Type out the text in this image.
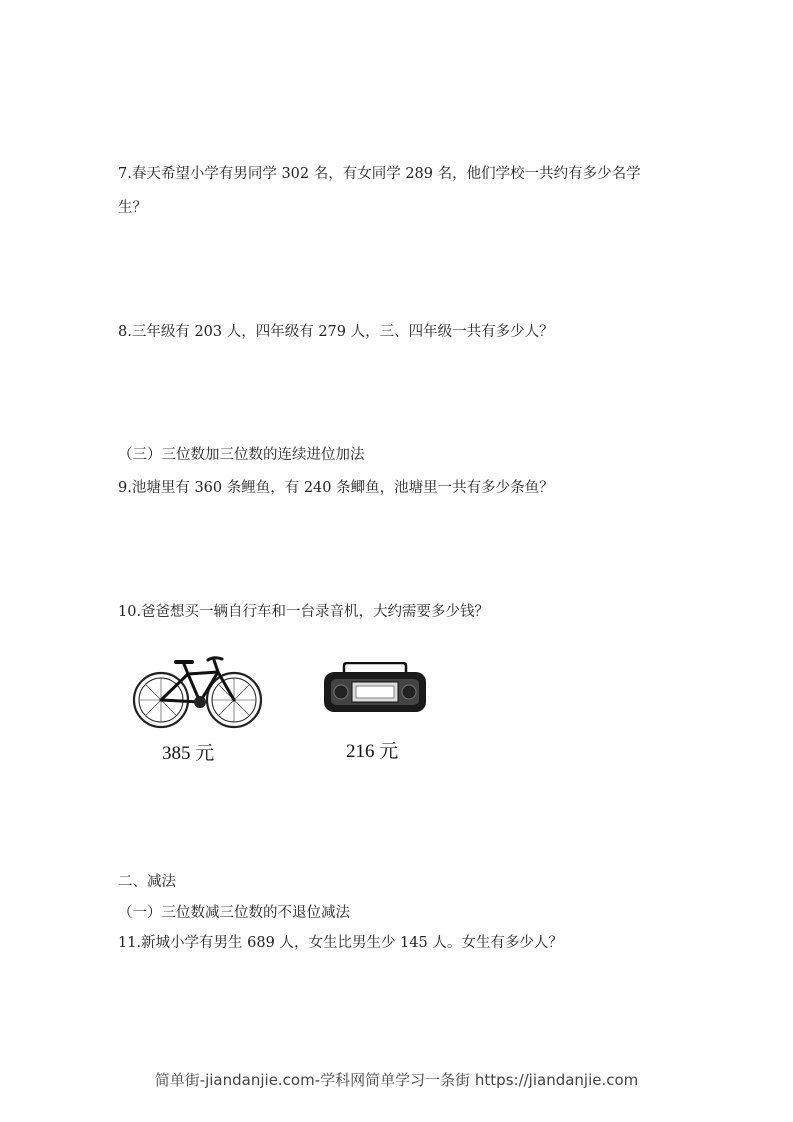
7.春天希望小学有男同学 302 名，有女同学 289 名，他们学校一共约有多少名学
生？
8.三年级有 203 人，四年级有 279 人，三、四年级一共有多少人？
（三）三位数加三位数的连续进位加法
9.池塘里有 360 条鲤鱼，有 240 条鲫鱼，池塘里一共有多少条鱼？
10.爸爸想买一辆自行车和一台录音机，大约需要多少钱？
385 元	216 元
二、减法
（一）三位数减三位数的不退位减法
11.新城小学有男生 689 人，女生比男生少 145 人。女生有多少人？
简单街-jiandanjie.com-学科网简单学习一条街 https://jiandanjie.com
